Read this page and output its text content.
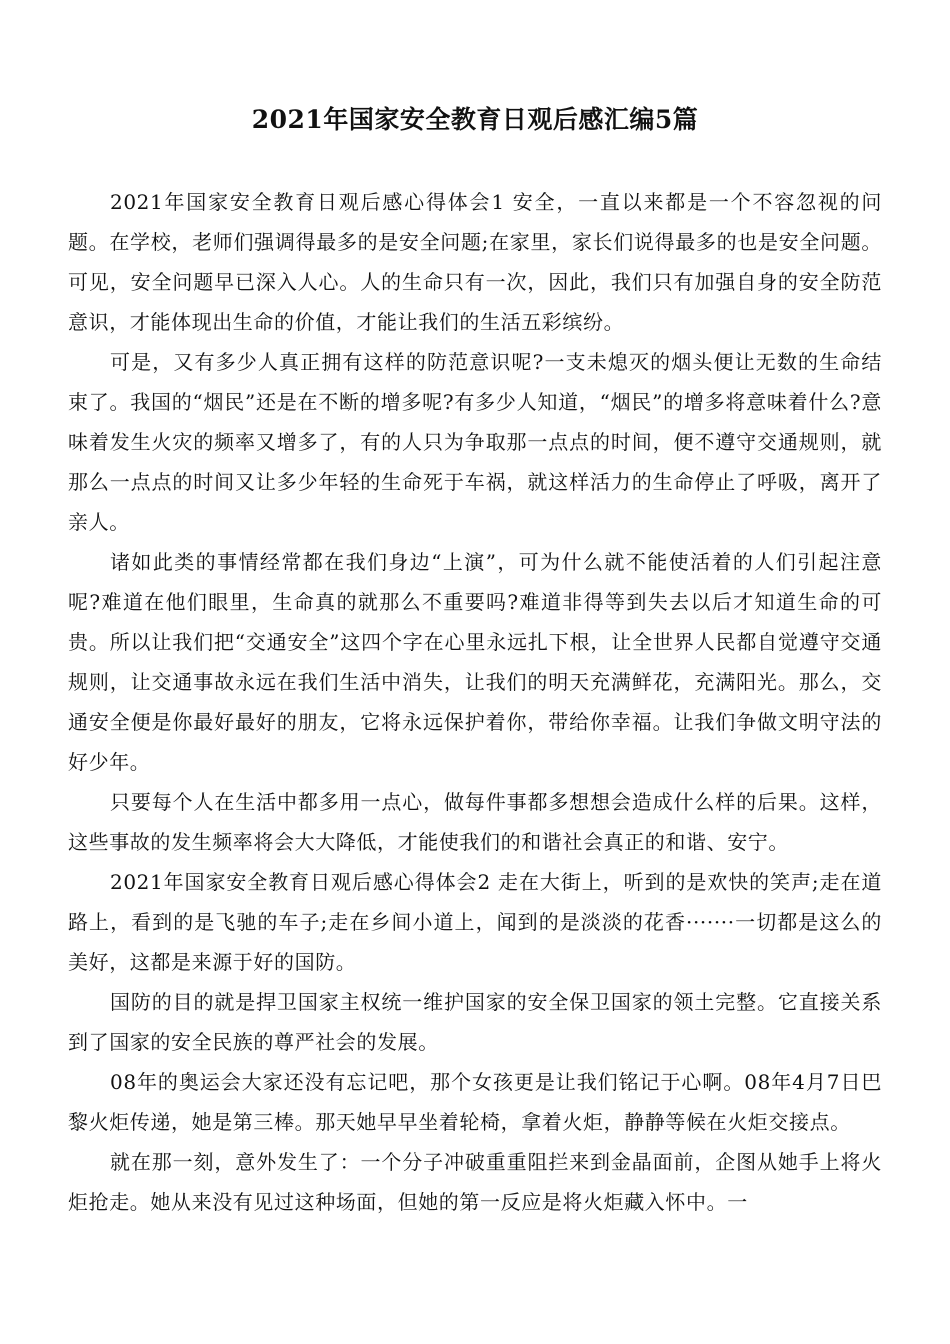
2021年国家安全教育日观后感汇编5篇

2021年国家安全教育日观后感心得体会1 安全，一直以来都是一个不容忽视的问题。在学校，老师们强调得最多的是安全问题;在家里，家长们说得最多的也是安全问题。可见，安全问题早已深入人心。人的生命只有一次，因此，我们只有加强自身的安全防范意识，才能体现出生命的价值，才能让我们的生活五彩缤纷。

可是，又有多少人真正拥有这样的防范意识呢?一支未熄灭的烟头便让无数的生命结束了。我国的“烟民”还是在不断的增多呢?有多少人知道，“烟民”的增多将意味着什么?意味着发生火灾的频率又增多了，有的人只为争取那一点点的时间，便不遵守交通规则，就那么一点点的时间又让多少年轻的生命死于车祸，就这样活力的生命停止了呼吸，离开了亲人。

诸如此类的事情经常都在我们身边“上演”，可为什么就不能使活着的人们引起注意呢?难道在他们眼里，生命真的就那么不重要吗?难道非得等到失去以后才知道生命的可贵。所以让我们把“交通安全”这四个字在心里永远扎下根，让全世界人民都自觉遵守交通规则，让交通事故永远在我们生活中消失，让我们的明天充满鲜花，充满阳光。那么，交通安全便是你最好最好的朋友，它将永远保护着你，带给你幸福。让我们争做文明守法的好少年。

只要每个人在生活中都多用一点心，做每件事都多想想会造成什么样的后果。这样，这些事故的发生频率将会大大降低，才能使我们的和谐社会真正的和谐、安宁。

2021年国家安全教育日观后感心得体会2 走在大街上，听到的是欢快的笑声;走在道路上，看到的是飞驰的车子;走在乡间小道上，闻到的是淡淡的花香·······一切都是这么的美好，这都是来源于好的国防。

国防的目的就是捍卫国家主权统一维护国家的安全保卫国家的领土完整。它直接关系到了国家的安全民族的尊严社会的发展。

08年的奥运会大家还没有忘记吧，那个女孩更是让我们铭记于心啊。08年4月7日巴黎火炬传递，她是第三棒。那天她早早坐着轮椅，拿着火炬，静静等候在火炬交接点。

就在那一刻，意外发生了：一个分子冲破重重阻拦来到金晶面前，企图从她手上将火炬抢走。她从来没有见过这种场面，但她的第一反应是将火炬藏入怀中。一
